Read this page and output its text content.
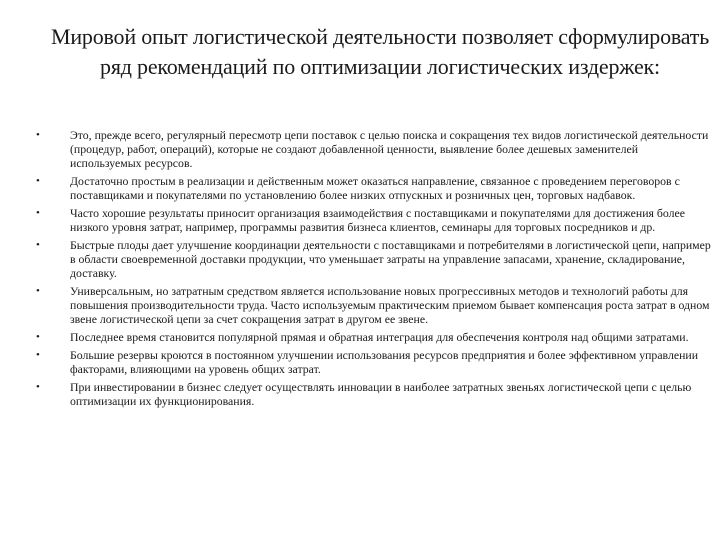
Мировой опыт логистической деятельности позволяет сформулировать ряд рекомендаций по оптимизации логистических издержек:
•	Это, прежде всего, регулярный пересмотр цепи поставок с целью поиска и сокращения тех видов логистической деятельности (процедур, работ, операций), которые не создают добавленной ценности, выявление более дешевых заменителей используемых ресурсов.
•	Достаточно простым в реализации и действенным может оказаться направление, связанное с проведением переговоров с поставщиками и покупателями по установлению более низких отпускных и розничных цен, торговых надбавок.
•	Часто хорошие результаты приносит организация взаимодействия с поставщиками и покупателями для достижения более низкого уровня затрат, например, программы развития бизнеса клиентов, семинары для торговых посредников и др.
•	Быстрые плоды дает улучшение координации деятельности с поставщиками и потребителями в логистической цепи, например в области своевременной доставки продукции, что уменьшает затраты на управление запасами, хранение, складирование, доставку.
•	Универсальным, но затратным средством является использование новых прогрессивных методов и технологий работы для повышения производительности труда. Часто используемым практическим приемом бывает компенсация роста затрат в одном звене логистической цепи за счет сокращения затрат в другом ее звене.
•	Последнее время становится популярной прямая и обратная интеграция для обеспечения контроля над общими затратами.
•	Большие резервы кроются в постоянном улучшении использования ресурсов предприятия и более эффективном управлении факторами, влияющими на уровень общих затрат.
•	При инвестировании в бизнес следует осуществлять инновации в наиболее затратных звеньях логистической цепи с целью оптимизации их функционирования.
